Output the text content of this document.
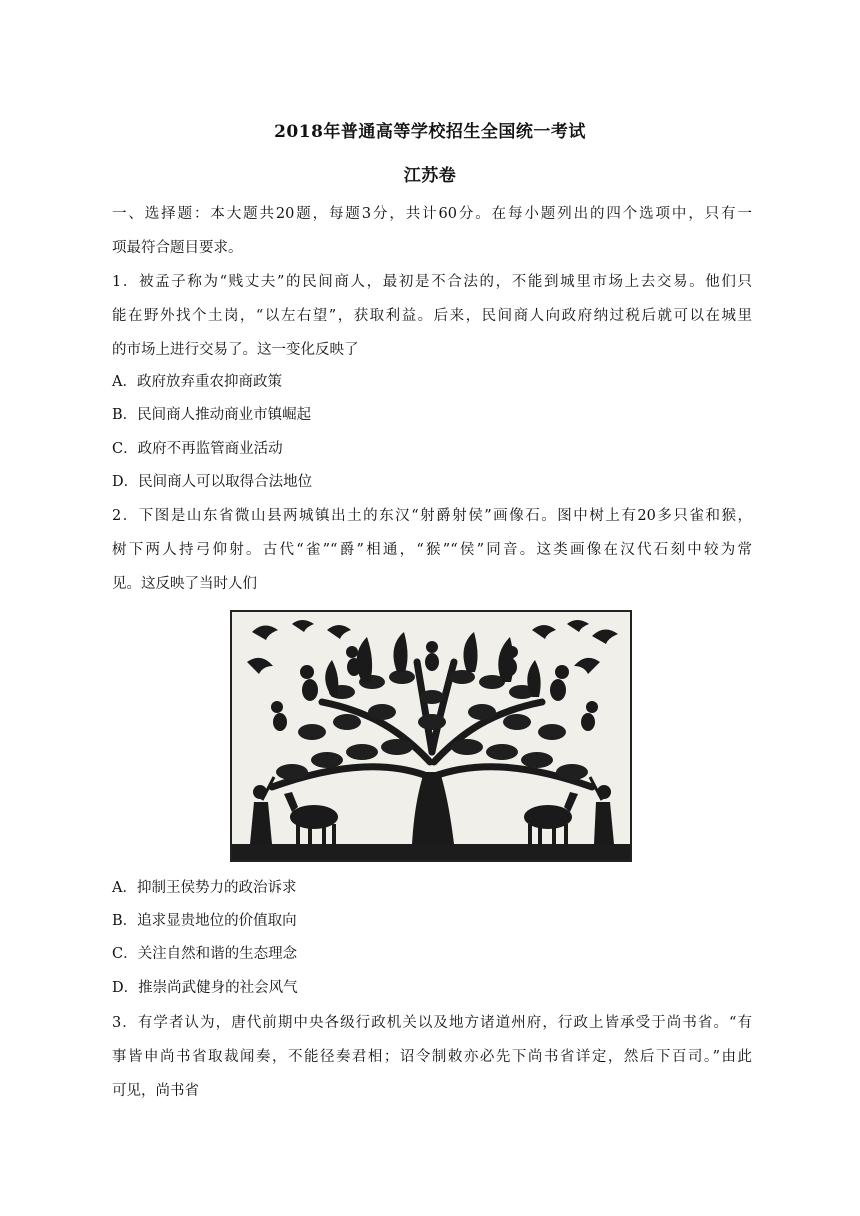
2018年普通高等学校招生全国统一考试
江苏卷
一、选择题：本大题共20题，每题3分，共计60分。在每小题列出的四个选项中，只有一
项最符合题目要求。
1．被孟子称为“贱丈夫”的民间商人，最初是不合法的，不能到城里市场上去交易。他们只
能在野外找个土岗，“以左右望”，获取利益。后来，民间商人向政府纳过税后就可以在城里
的市场上进行交易了。这一变化反映了
A．政府放弃重农抑商政策
B．民间商人推动商业市镇崛起
C．政府不再监管商业活动
D．民间商人可以取得合法地位
2．下图是山东省微山县两城镇出土的东汉“射爵射侯”画像石。图中树上有20多只雀和猴，
树下两人持弓仰射。古代“雀”“爵”相通，“猴”“侯”同音。这类画像在汉代石刻中较为常
见。这反映了当时人们
A．抑制王侯势力的政治诉求
B．追求显贵地位的价值取向
C．关注自然和谐的生态理念
D．推崇尚武健身的社会风气
3．有学者认为，唐代前期中央各级行政机关以及地方诸道州府，行政上皆承受于尚书省。“有
事皆申尚书省取裁闻奏，不能径奏君相；诏令制敕亦必先下尚书省详定，然后下百司。”由此
可见，尚书省
